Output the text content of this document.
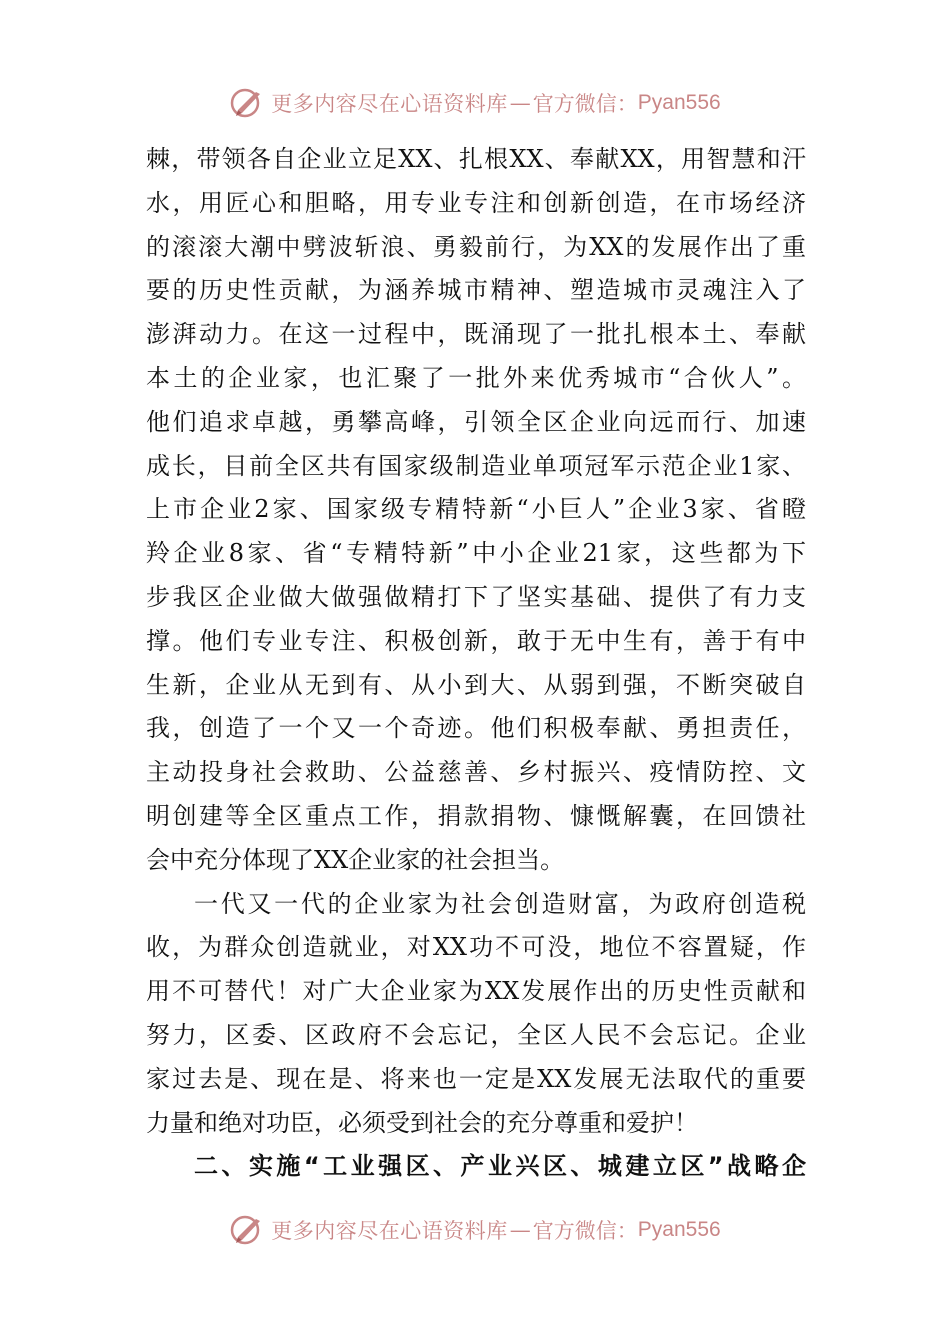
更多内容尽在心语资料库 — 官方微信： Pyan556
棘，带领各自企业立足XX、扎根XX、奉献XX，用智慧和汗
水，用匠心和胆略，用专业专注和创新创造，在市场经济
的滚滚大潮中劈波斩浪、勇毅前行，为XX的发展作出了重
要的历史性贡献，为涵养城市精神、塑造城市灵魂注入了
澎湃动力。在这一过程中，既涌现了一批扎根本土、奉献
本土的企业家，也汇聚了一批外来优秀城市“合伙人”。
他们追求卓越，勇攀高峰，引领全区企业向远而行、加速
成长，目前全区共有国家级制造业单项冠军示范企业1家、
上市企业2家、国家级专精特新“小巨人”企业3家、省瞪
羚企业8家、省“专精特新”中小企业21家，这些都为下
步我区企业做大做强做精打下了坚实基础、提供了有力支
撑。他们专业专注、积极创新，敢于无中生有，善于有中
生新，企业从无到有、从小到大、从弱到强，不断突破自
我，创造了一个又一个奇迹。他们积极奉献、勇担责任，
主动投身社会救助、公益慈善、乡村振兴、疫情防控、文
明创建等全区重点工作，捐款捐物、慷慨解囊，在回馈社
会中充分体现了XX企业家的社会担当。
一代又一代的企业家为社会创造财富，为政府创造税
收，为群众创造就业，对XX功不可没，地位不容置疑，作
用不可替代！对广大企业家为XX发展作出的历史性贡献和
努力，区委、区政府不会忘记，全区人民不会忘记。企业
家过去是、现在是、将来也一定是XX发展无法取代的重要
力量和绝对功臣，必须受到社会的充分尊重和爱护！
二、实施“工业强区、产业兴区、城建立区”战略企
更多内容尽在心语资料库 — 官方微信： Pyan556
